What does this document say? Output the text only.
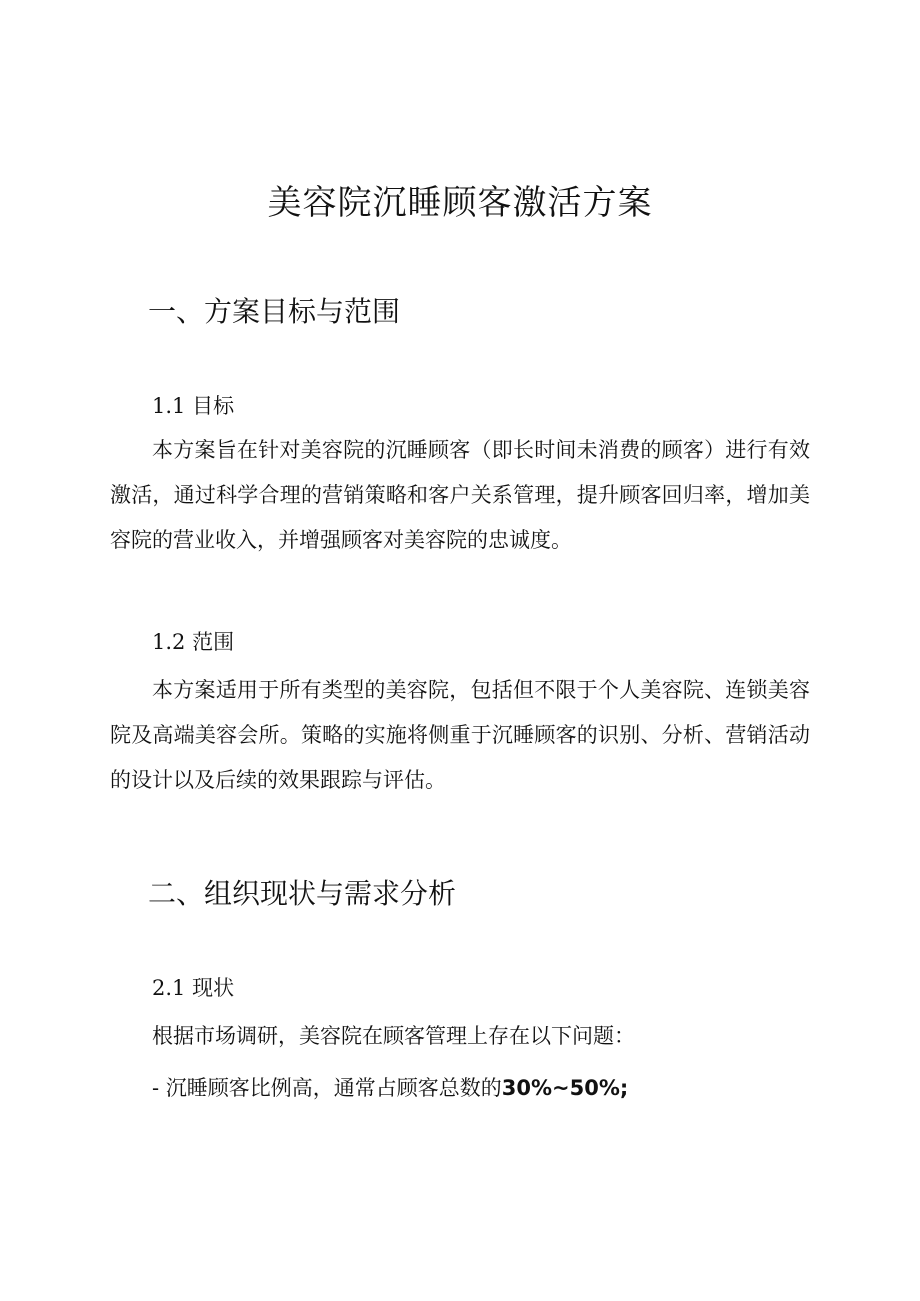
美容院沉睡顾客激活方案
一、方案目标与范围
1.1 目标

本方案旨在针对美容院的沉睡顾客（即长时间未消费的顾客）进行有效激活，通过科学合理的营销策略和客户关系管理，提升顾客回归率，增加美容院的营业收入，并增强顾客对美容院的忠诚度。

1.2 范围

本方案适用于所有类型的美容院，包括但不限于个人美容院、连锁美容院及高端美容会所。策略的实施将侧重于沉睡顾客的识别、分析、营销活动的设计以及后续的效果跟踪与评估。

二、组织现状与需求分析
2.1 现状

根据市场调研，美容院在顾客管理上存在以下问题：

- 沉睡顾客比例高，通常占顾客总数的30%~50%;
